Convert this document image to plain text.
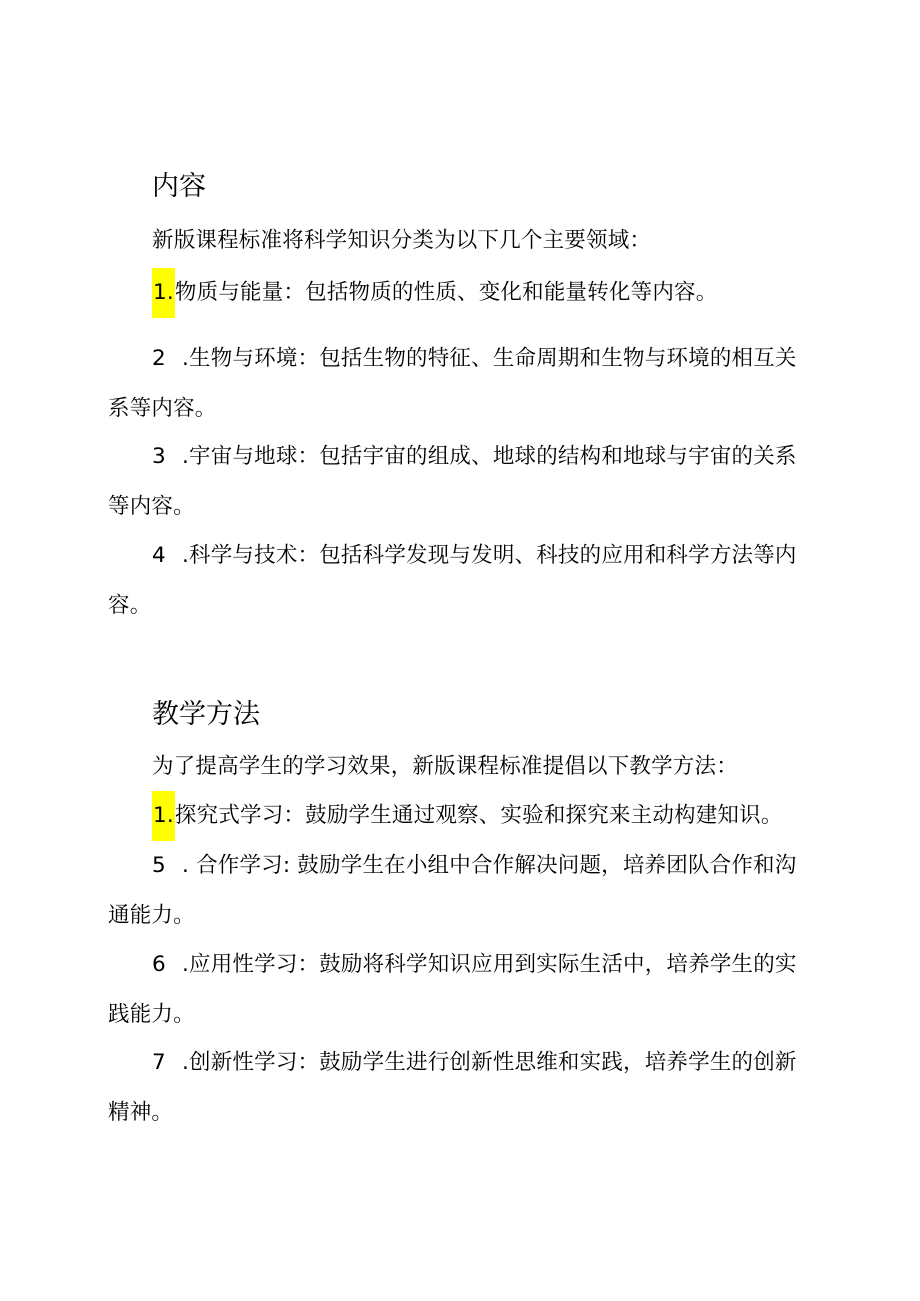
内容

新版课程标准将科学知识分类为以下几个主要领域：

1.物质与能量：包括物质的性质、变化和能量转化等内容。

2 .生物与环境：包括生物的特征、生命周期和生物与环境的相互关系等内容。

3 .宇宙与地球：包括宇宙的组成、地球的结构和地球与宇宙的关系等内容。

4 .科学与技术：包括科学发现与发明、科技的应用和科学方法等内容。

教学方法

为了提高学生的学习效果，新版课程标准提倡以下教学方法：

1.探究式学习：鼓励学生通过观察、实验和探究来主动构建知识。

5 . 合作学习: 鼓励学生在小组中合作解决问题，培养团队合作和沟通能力。

6 .应用性学习：鼓励将科学知识应用到实际生活中，培养学生的实践能力。

7 .创新性学习：鼓励学生进行创新性思维和实践，培养学生的创新精神。
